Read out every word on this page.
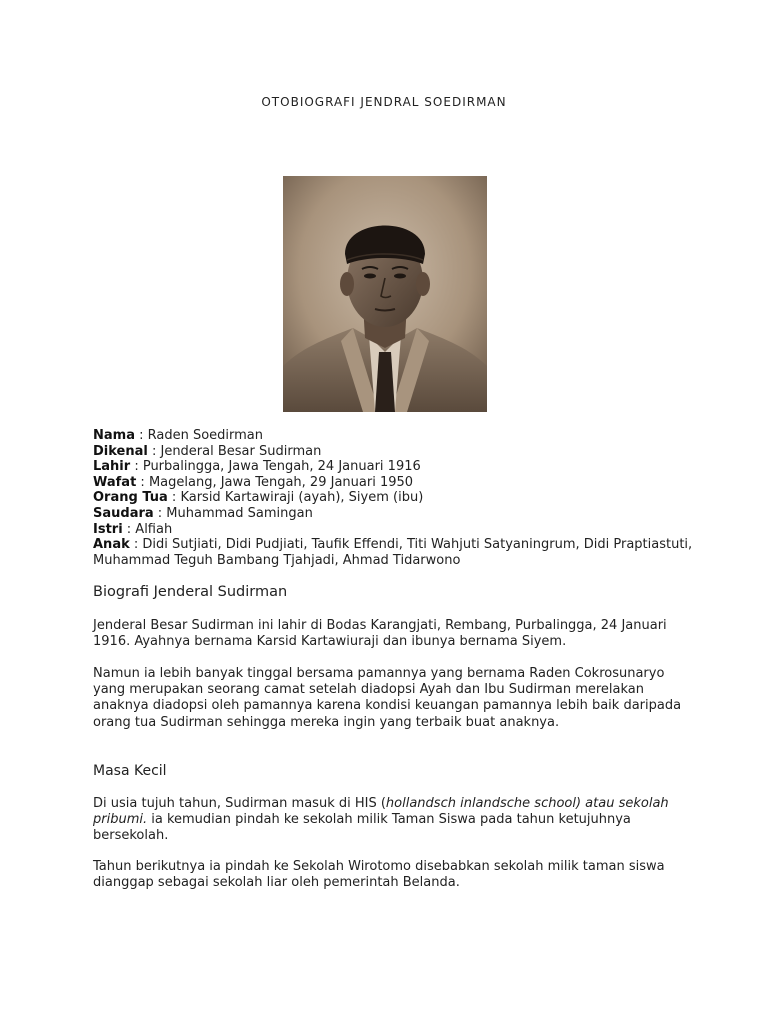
OTOBIOGRAFI JENDRAL SOEDIRMAN
Nama : Raden Soedirman
Dikenal : Jenderal Besar Sudirman
Lahir : Purbalingga, Jawa Tengah, 24 Januari 1916
Wafat : Magelang, Jawa Tengah, 29 Januari 1950
Orang Tua : Karsid Kartawiraji (ayah), Siyem (ibu)
Saudara : Muhammad Samingan
Istri : Alfiah
Anak : Didi Sutjiati, Didi Pudjiati, Taufik Effendi, Titi Wahjuti Satyaningrum, Didi Praptiastuti, Muhammad Teguh Bambang Tjahjadi, Ahmad Tidarwono
Biografi Jenderal Sudirman

Jenderal Besar Sudirman ini lahir di Bodas Karangjati, Rembang, Purbalingga, 24 Januari 1916. Ayahnya bernama Karsid Kartawiuraji dan ibunya bernama Siyem.

Namun ia lebih banyak tinggal bersama pamannya yang bernama Raden Cokrosunaryo yang merupakan seorang camat setelah diadopsi Ayah dan Ibu Sudirman merelakan anaknya diadopsi oleh pamannya karena kondisi keuangan pamannya lebih baik daripada orang tua Sudirman sehingga mereka ingin yang terbaik buat anaknya.

Masa Kecil

Di usia tujuh tahun, Sudirman masuk di HIS (hollandsch inlandsche school) atau sekolah pribumi. ia kemudian pindah ke sekolah milik Taman Siswa pada tahun ketujuhnya bersekolah.

Tahun berikutnya ia pindah ke Sekolah Wirotomo disebabkan sekolah milik taman siswa dianggap sebagai sekolah liar oleh pemerintah Belanda.
